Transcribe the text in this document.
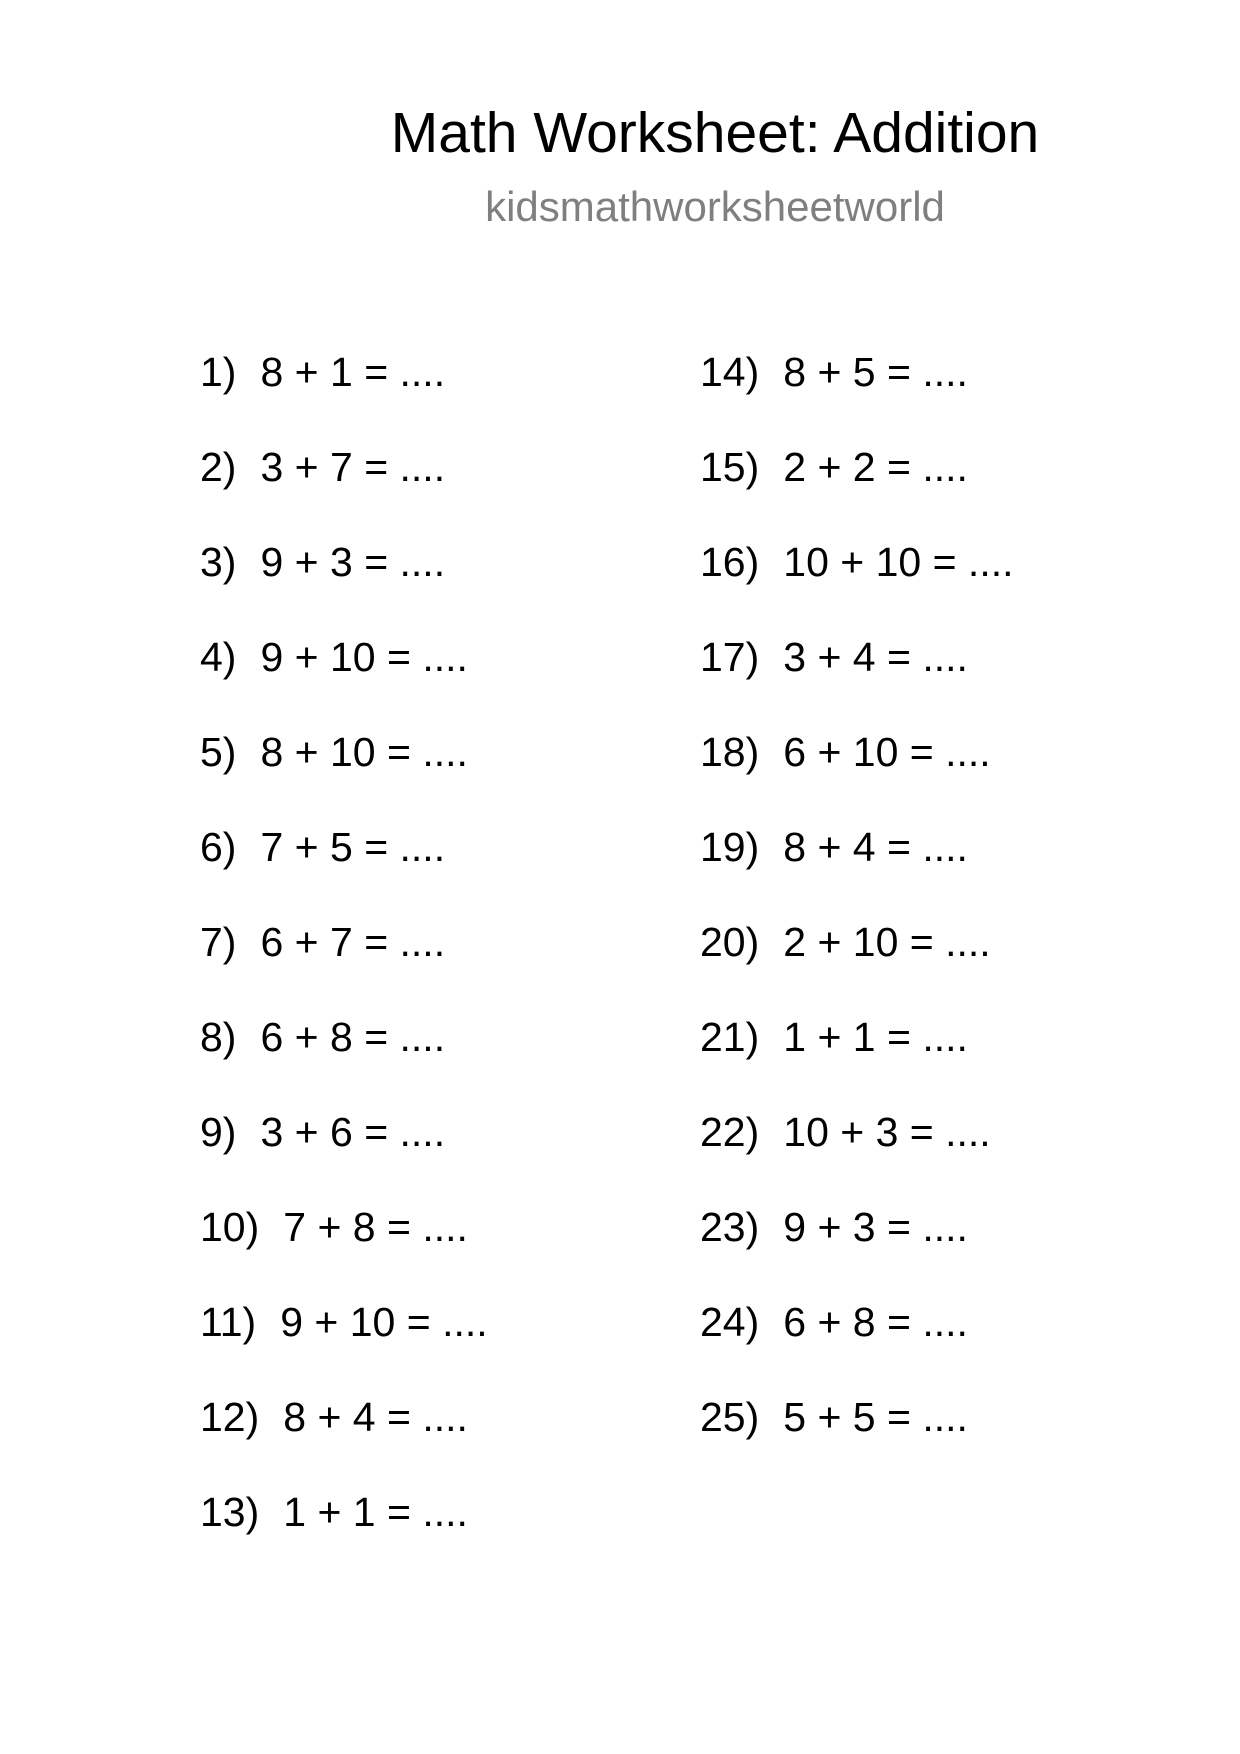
Math Worksheet: Addition
kidsmathworksheetworld
1) 8 + 1 = ....
2) 3 + 7 = ....
3) 9 + 3 = ....
4) 9 + 10 = ....
5) 8 + 10 = ....
6) 7 + 5 = ....
7) 6 + 7 = ....
8) 6 + 8 = ....
9) 3 + 6 = ....
10) 7 + 8 = ....
11) 9 + 10 = ....
12) 8 + 4 = ....
13) 1 + 1 = ....
14) 8 + 5 = ....
15) 2 + 2 = ....
16) 10 + 10 = ....
17) 3 + 4 = ....
18) 6 + 10 = ....
19) 8 + 4 = ....
20) 2 + 10 = ....
21) 1 + 1 = ....
22) 10 + 3 = ....
23) 9 + 3 = ....
24) 6 + 8 = ....
25) 5 + 5 = ....
